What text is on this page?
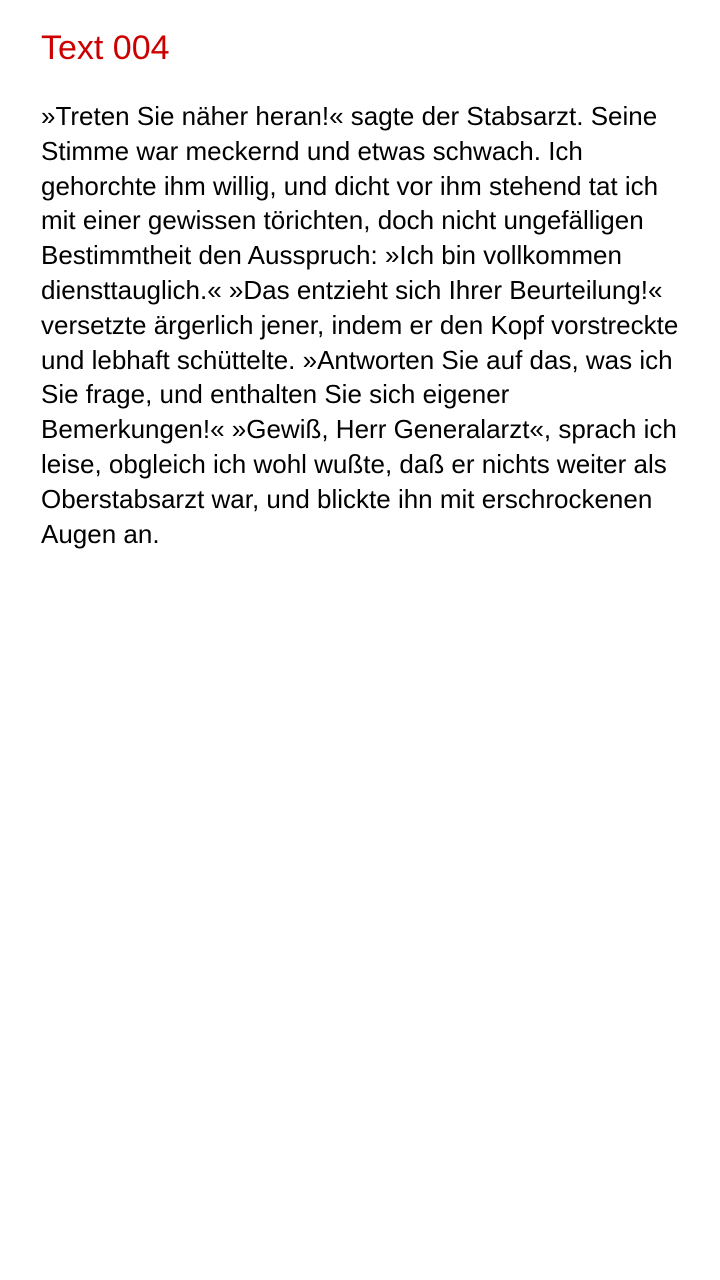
Text 004

»Treten Sie näher heran!« sagte der Stabsarzt. Seine Stimme war meckernd und etwas schwach. Ich gehorchte ihm willig, und dicht vor ihm stehend tat ich mit einer gewissen törichten, doch nicht ungefälligen Bestimmtheit den Ausspruch: »Ich bin vollkommen diensttauglich.« »Das entzieht sich Ihrer Beurteilung!« versetzte ärgerlich jener, indem er den Kopf vorstreckte und lebhaft schüttelte. »Antworten Sie auf das, was ich Sie frage, und enthalten Sie sich eigener Bemerkungen!« »Gewiß, Herr Generalarzt«, sprach ich leise, obgleich ich wohl wußte, daß er nichts weiter als Oberstabsarzt war, und blickte ihn mit erschrockenen Augen an.
